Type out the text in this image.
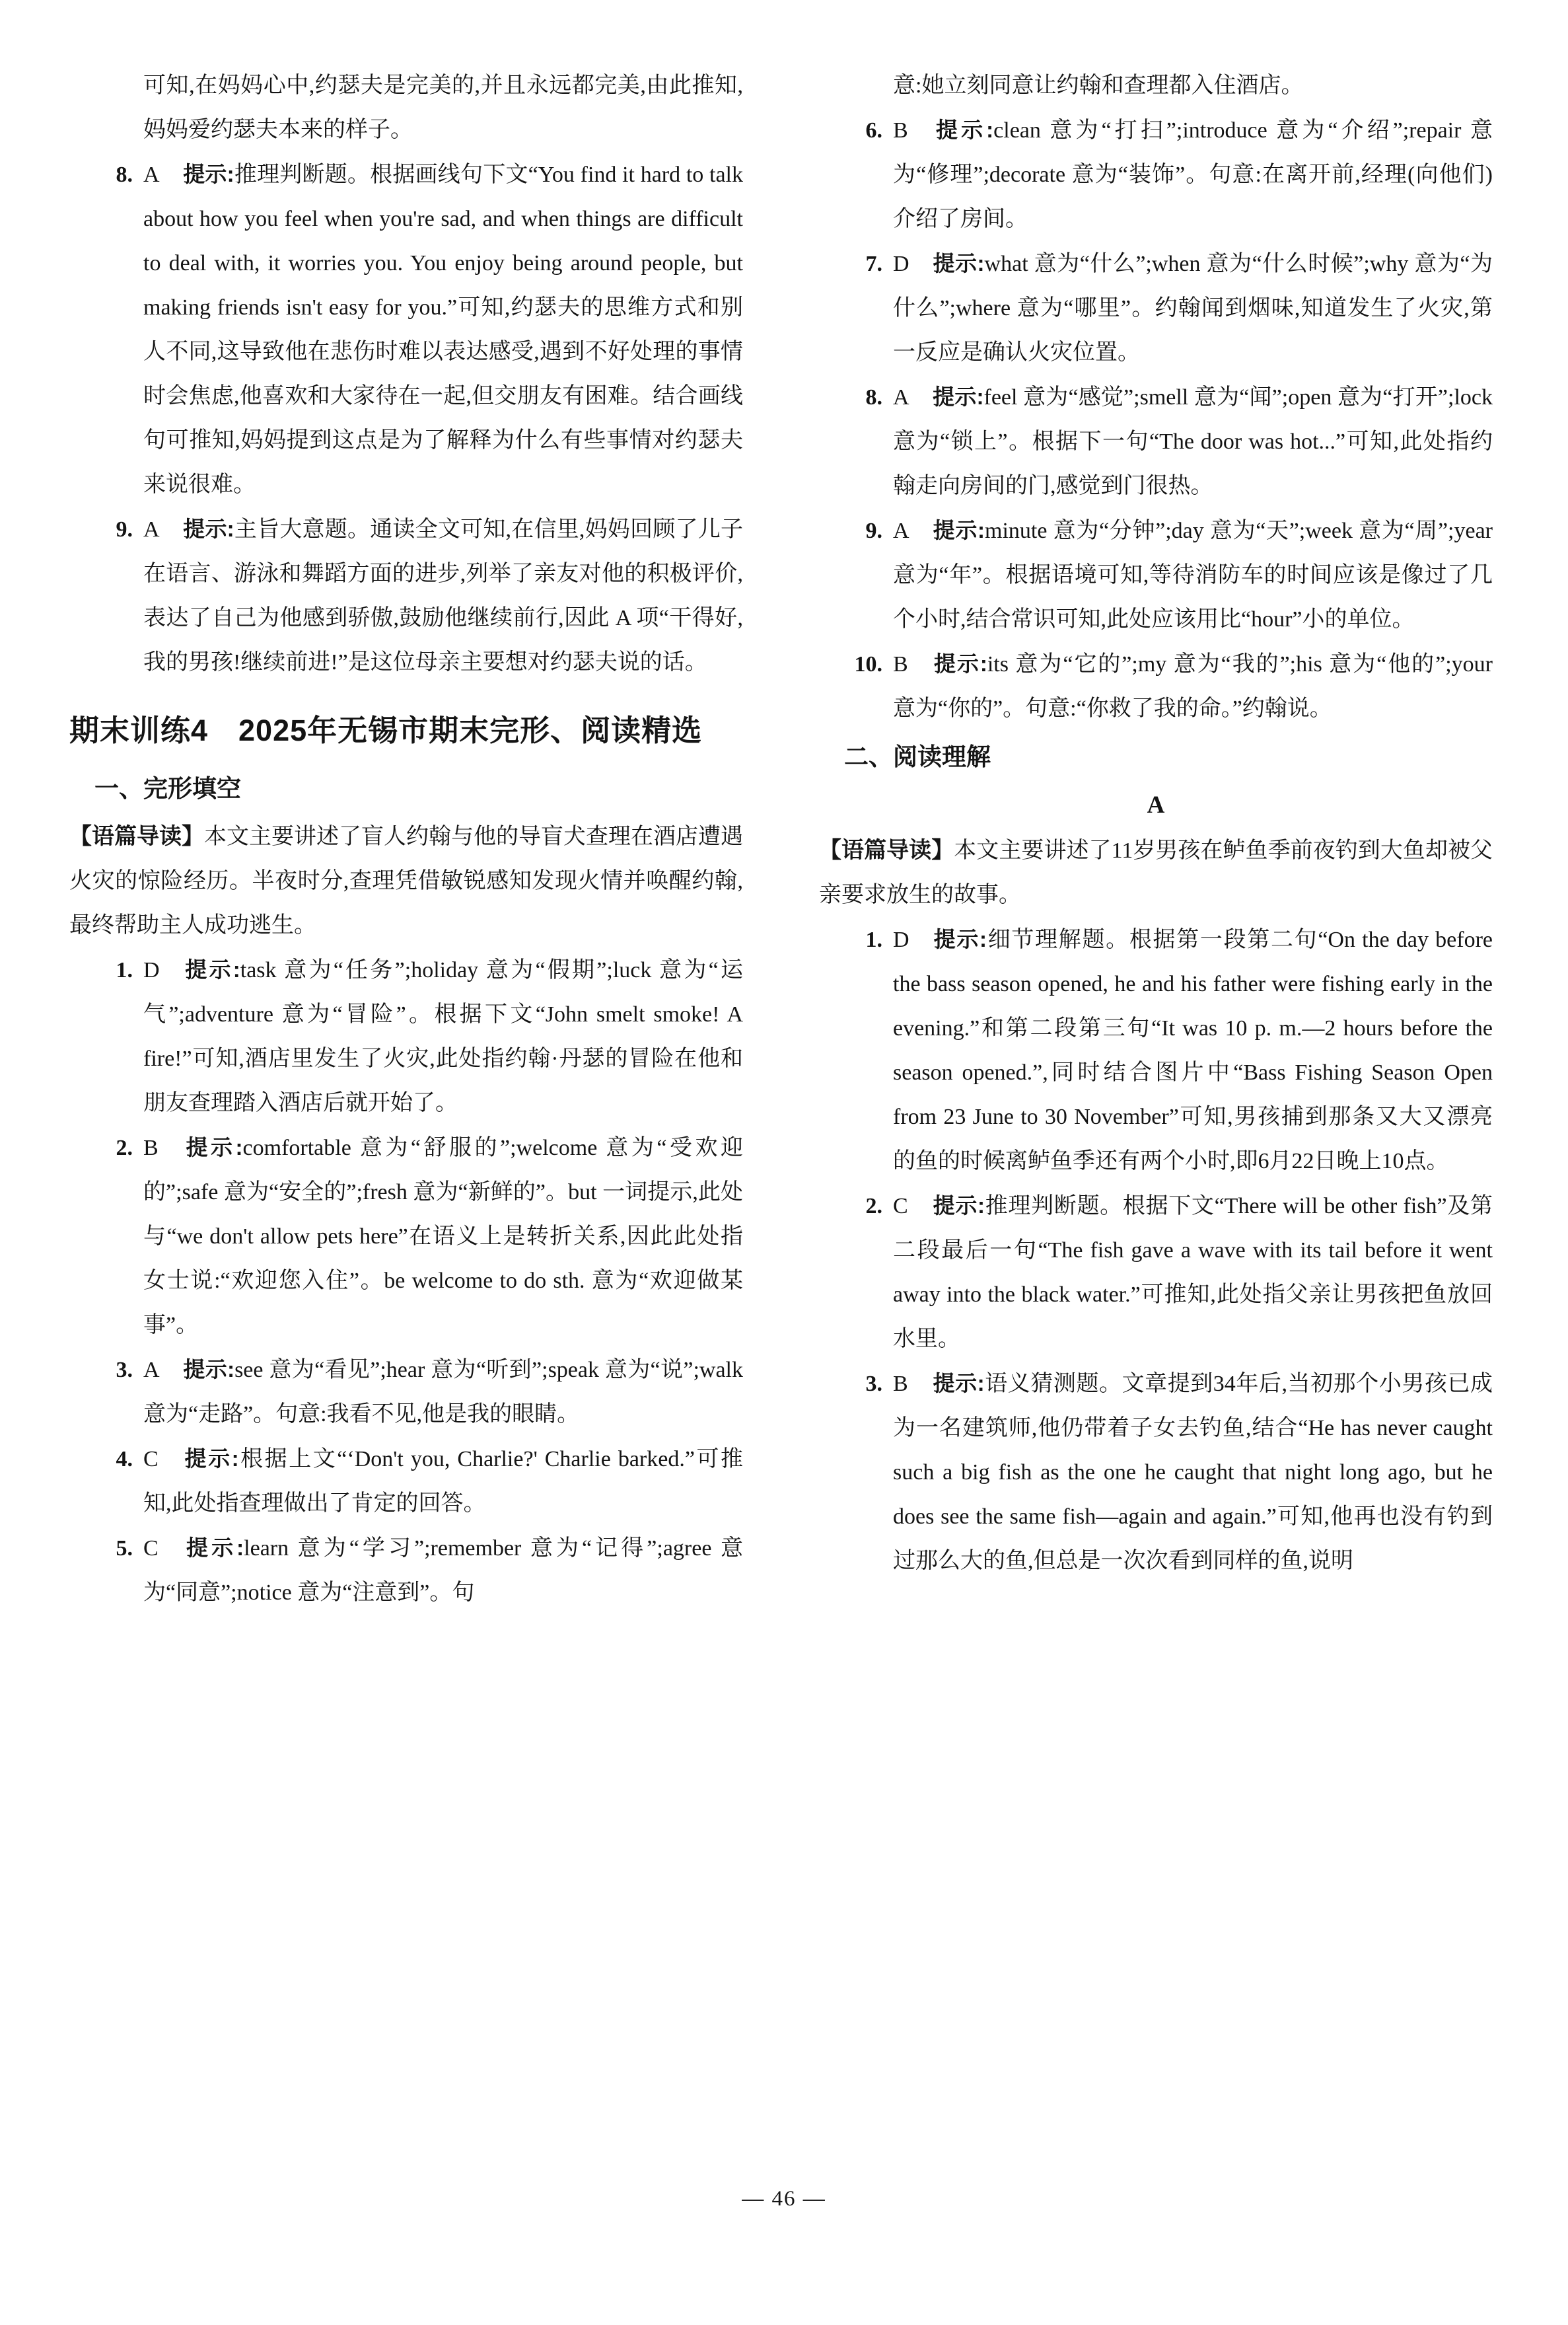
可知,在妈妈心中,约瑟夫是完美的,并且永远都完美,由此推知,妈妈爱约瑟夫本来的样子。

8. A 提示:推理判断题。根据画线句下文“You find it hard to talk about how you feel when you're sad, and when things are difficult to deal with, it worries you. You enjoy being around people, but making friends isn't easy for you.”可知,约瑟夫的思维方式和别人不同,这导致他在悲伤时难以表达感受,遇到不好处理的事情时会焦虑,他喜欢和大家待在一起,但交朋友有困难。结合画线句可推知,妈妈提到这点是为了解释为什么有些事情对约瑟夫来说很难。
9. A 提示:主旨大意题。通读全文可知,在信里,妈妈回顾了儿子在语言、游泳和舞蹈方面的进步,列举了亲友对他的积极评价,表达了自己为他感到骄傲,鼓励他继续前行,因此 A 项“干得好,我的男孩!继续前进!”是这位母亲主要想对约瑟夫说的话。
期末训练4　2025年无锡市期末完形、阅读精选
一、完形填空

【语篇导读】本文主要讲述了盲人约翰与他的导盲犬查理在酒店遭遇火灾的惊险经历。半夜时分,查理凭借敏锐感知发现火情并唤醒约翰,最终帮助主人成功逃生。

1. D 提示:task 意为“任务”;holiday 意为“假期”;luck 意为“运气”;adventure 意为“冒险”。根据下文“John smelt smoke! A fire!”可知,酒店里发生了火灾,此处指约翰·丹瑟的冒险在他和朋友查理踏入酒店后就开始了。
2. B 提示:comfortable 意为“舒服的”;welcome 意为“受欢迎的”;safe 意为“安全的”;fresh 意为“新鲜的”。but 一词提示,此处与“we don't allow pets here”在语义上是转折关系,因此此处指女士说:“欢迎您入住”。be welcome to do sth. 意为“欢迎做某事”。
3. A 提示:see 意为“看见”;hear 意为“听到”;speak 意为“说”;walk 意为“走路”。句意:我看不见,他是我的眼睛。
4. C 提示:根据上文“‘Don't you, Charlie?' Charlie barked.”可推知,此处指查理做出了肯定的回答。
5. C 提示:learn 意为“学习”;remember 意为“记得”;agree 意为“同意”;notice 意为“注意到”。句

意:她立刻同意让约翰和查理都入住酒店。

6. B 提示:clean 意为“打扫”;introduce 意为“介绍”;repair 意为“修理”;decorate 意为“装饰”。句意:在离开前,经理(向他们)介绍了房间。
7. D 提示:what 意为“什么”;when 意为“什么时候”;why 意为“为什么”;where 意为“哪里”。约翰闻到烟味,知道发生了火灾,第一反应是确认火灾位置。
8. A 提示:feel 意为“感觉”;smell 意为“闻”;open 意为“打开”;lock 意为“锁上”。根据下一句“The door was hot...”可知,此处指约翰走向房间的门,感觉到门很热。
9. A 提示:minute 意为“分钟”;day 意为“天”;week 意为“周”;year 意为“年”。根据语境可知,等待消防车的时间应该是像过了几个小时,结合常识可知,此处应该用比“hour”小的单位。
10. B 提示:its 意为“它的”;my 意为“我的”;his 意为“他的”;your 意为“你的”。句意:“你救了我的命。”约翰说。
二、阅读理解
A

【语篇导读】本文主要讲述了11岁男孩在鲈鱼季前夜钓到大鱼却被父亲要求放生的故事。

1. D 提示:细节理解题。根据第一段第二句“On the day before the bass season opened, he and his father were fishing early in the evening.”和第二段第三句“It was 10 p. m.—2 hours before the season opened.”,同时结合图片中“Bass Fishing Season Open from 23 June to 30 November”可知,男孩捕到那条又大又漂亮的鱼的时候离鲈鱼季还有两个小时,即6月22日晚上10点。
2. C 提示:推理判断题。根据下文“There will be other fish”及第二段最后一句“The fish gave a wave with its tail before it went away into the black water.”可推知,此处指父亲让男孩把鱼放回水里。
3. B 提示:语义猜测题。文章提到34年后,当初那个小男孩已成为一名建筑师,他仍带着子女去钓鱼,结合“He has never caught such a big fish as the one he caught that night long ago, but he does see the same fish—again and again.”可知,他再也没有钓到过那么大的鱼,但总是一次次看到同样的鱼,说明
— 46 —
